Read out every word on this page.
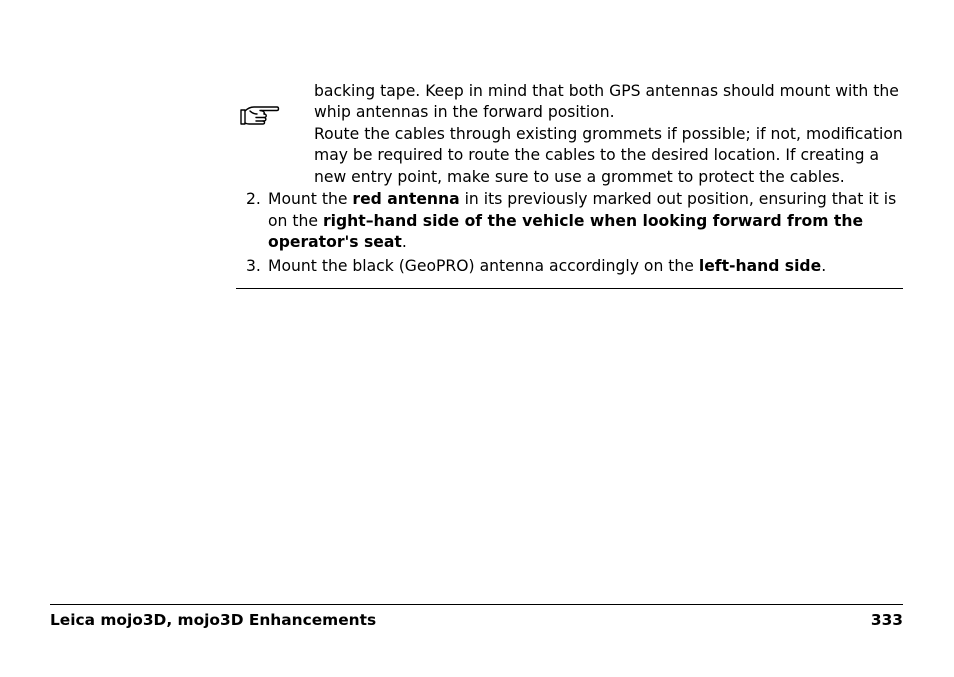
backing tape. Keep in mind that both GPS antennas should mount with the
whip antennas in the forward position.

Route the cables through existing grommets if possible; if not, modification
may be required to route the cables to the desired location. If creating a
new entry point, make sure to use a grommet to protect the cables.

2. Mount the red antenna in its previously marked out position, ensuring that it is on the right–hand side of the vehicle when looking forward from the operator's seat.
3. Mount the black (GeoPRO) antenna accordingly on the left-hand side.
Leica mojo3D, mojo3D Enhancements	333
